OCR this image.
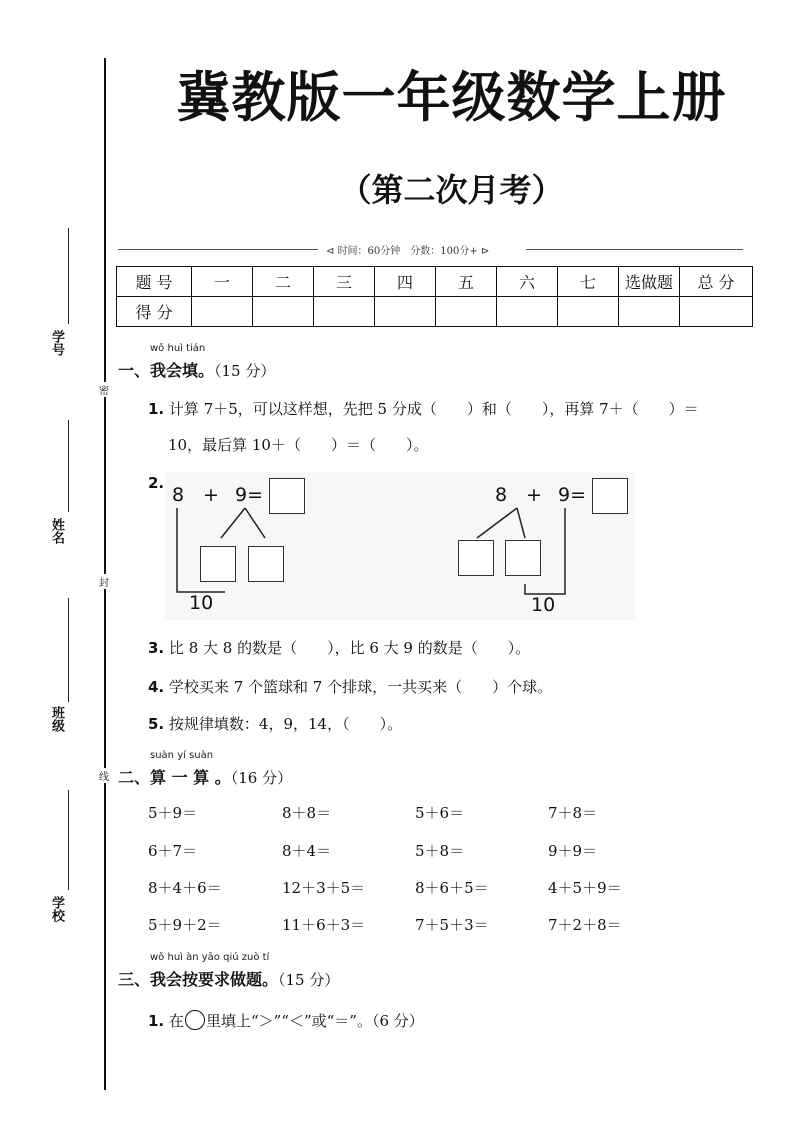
学号
姓名
班级
学校
密
封
线
冀教版一年级数学上册
（第二次月考）
⊲ 时间：60分钟　分数：100分+ ⊳
题 号	一	二	三	四	五	六	七	选做题	总 分
得 分									
wǒ huì tián
一、我会填。（15 分）
1. 计算 7＋5，可以这样想，先把 5 分成（　　）和（　　），再算 7＋（　　）＝
10，最后算 10＋（　　）＝（　　）。
2.
8 + 9=
10
8 + 9=
10
3. 比 8 大 8 的数是（　　），比 6 大 9 的数是（　　）。
4. 学校买来 7 个篮球和 7 个排球，一共买来（　　）个球。
5. 按规律填数：4，9，14，（　　）。
suàn yí suàn
二、算 一 算 。（16 分）
5＋9＝	8＋8＝	5＋6＝	7＋8＝
6＋7＝	8＋4＝	5＋8＝	9＋9＝
8＋4＋6＝	12＋3＋5＝	8＋6＋5＝	4＋5＋9＝
5＋9＋2＝	11＋6＋3＝	7＋5＋3＝	7＋2＋8＝
wǒ huì àn yāo qiú zuò tí
三、我会按要求做题。（15 分）
1. 在 里填上“＞”“＜”或“＝”。（6 分）
